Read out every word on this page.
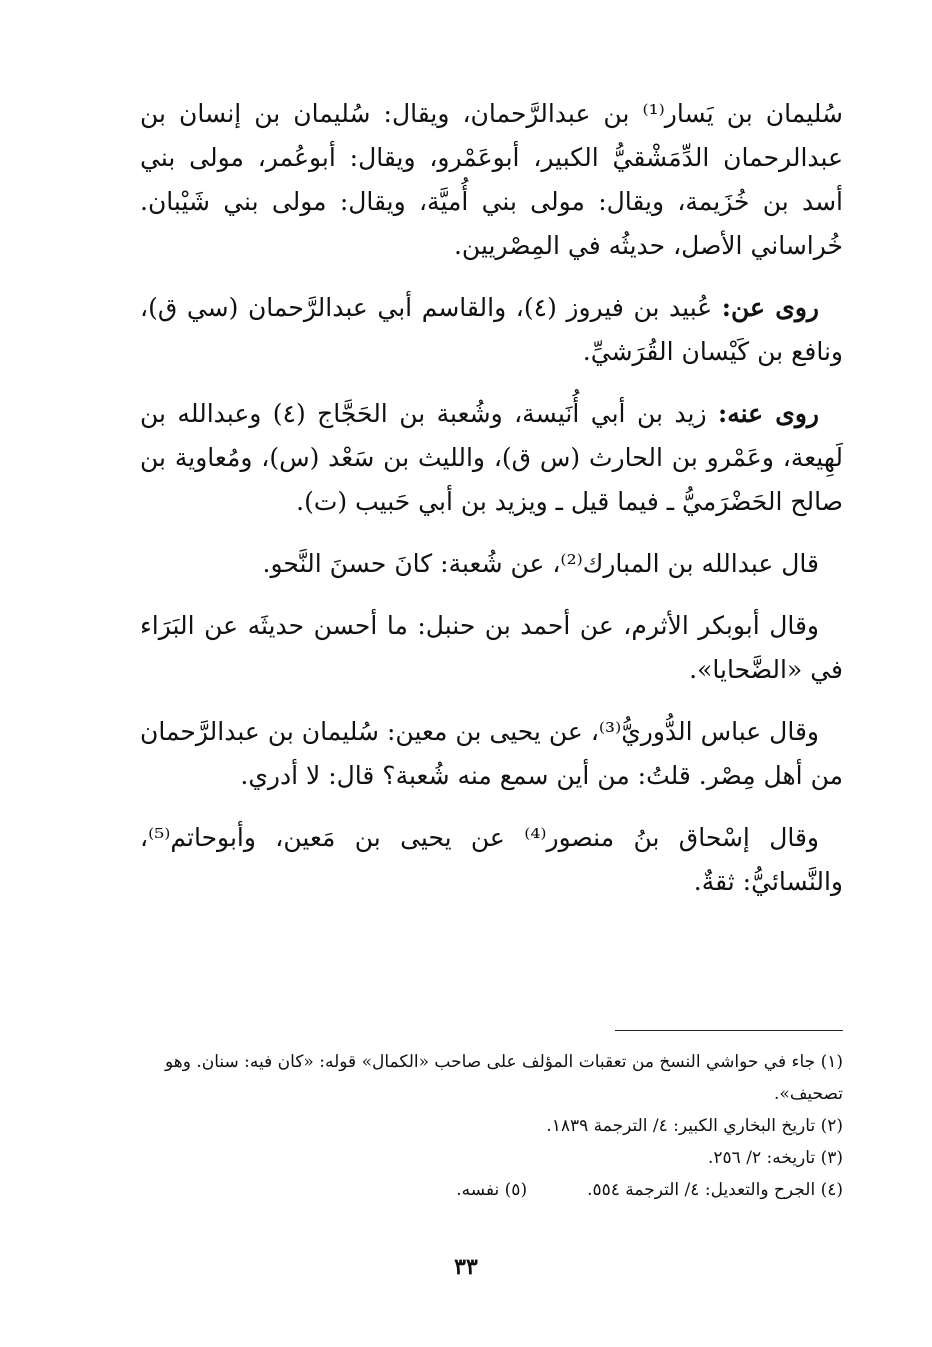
سُليمان بن يَسار⁽¹⁾ بن عبدالرَّحمان، ويقال: سُليمان بن إنسان بن عبدالرحمان الدِّمَشْقيُّ الكبير، أبوعَمْرو، ويقال: أبوعُمر، مولى بني أسد بن خُزَيمة، ويقال: مولى بني أُميَّة، ويقال: مولى بني شَيْبان. خُراساني الأصل، حديثُه في المِصْريين.

روى عن: عُبيد بن فيروز (٤)، والقاسم أبي عبدالرَّحمان (سي ق)، ونافع بن كَيْسان القُرَشيِّ.

روى عنه: زيد بن أبي أُنَيسة، وشُعبة بن الحَجَّاج (٤) وعبدالله بن لَهِيعة، وعَمْرو بن الحارث (س ق)، والليث بن سَعْد (س)، ومُعاوية بن صالح الحَضْرَميُّ ـ فيما قيل ـ ويزيد بن أبي حَبيب (ت).

قال عبدالله بن المبارك⁽²⁾، عن شُعبة: كانَ حسنَ النَّحو.

وقال أبوبكر الأثرم، عن أحمد بن حنبل: ما أحسن حديثَه عن البَرَاء في «الضَّحايا».

وقال عباس الدُّوريُّ⁽³⁾، عن يحيى بن معين: سُليمان بن عبدالرَّحمان من أهل مِصْر. قلتُ: من أين سمع منه شُعبة؟ قال: لا أدري.

وقال إسْحاق بنُ منصور⁽⁴⁾ عن يحيى بن مَعين، وأبوحاتم⁽⁵⁾، والنَّسائيُّ: ثقةٌ.

(١) جاء في حواشي النسخ من تعقبات المؤلف على صاحب «الكمال» قوله: «كان فيه: سنان. وهو تصحيف».

(٢) تاريخ البخاري الكبير: ٤/ الترجمة ١٨٣٩.

(٣) تاريخه: ٢/ ٢٥٦.

(٤) الجرح والتعديل: ٤/ الترجمة ٥٥٤.
(٥) نفسه.
٣٣
